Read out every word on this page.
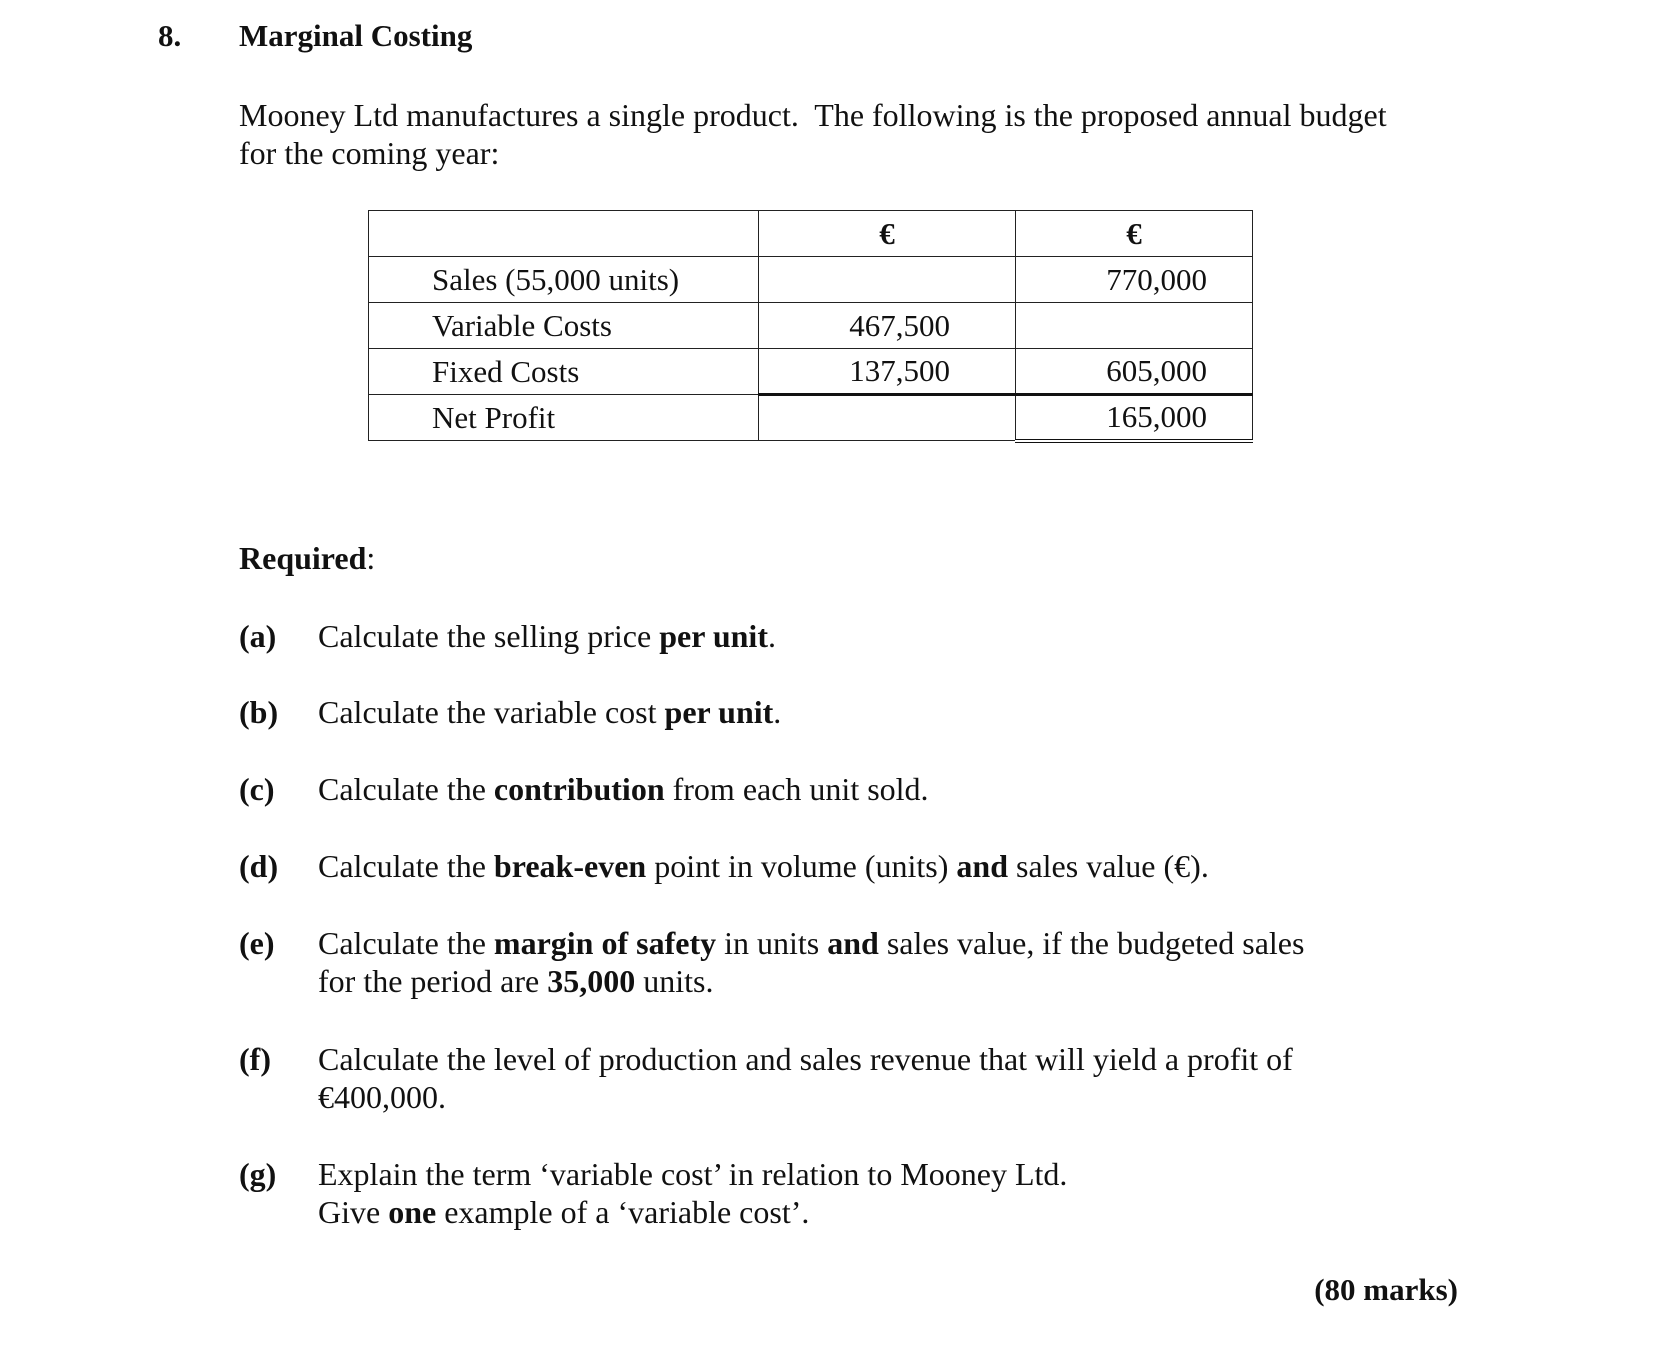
8. Marginal Costing
Mooney Ltd manufactures a single product.  The following is the proposed annual budget
for the coming year:
	€	€
Sales (55,000 units)		770,000
Variable Costs	467,500	
Fixed Costs	137,500	605,000
Net Profit		165,000
Required:
(a) Calculate the selling price per unit.
(b) Calculate the variable cost per unit.
(c) Calculate the contribution from each unit sold.
(d) Calculate the break-even point in volume (units) and sales value (€).
(e) Calculate the margin of safety in units and sales value, if the budgeted sales
for the period are 35,000 units.
(f) Calculate the level of production and sales revenue that will yield a profit of
€400,000.
(g) Explain the term ‘variable cost’ in relation to Mooney Ltd.
Give one example of a ‘variable cost’.
(80 marks)
